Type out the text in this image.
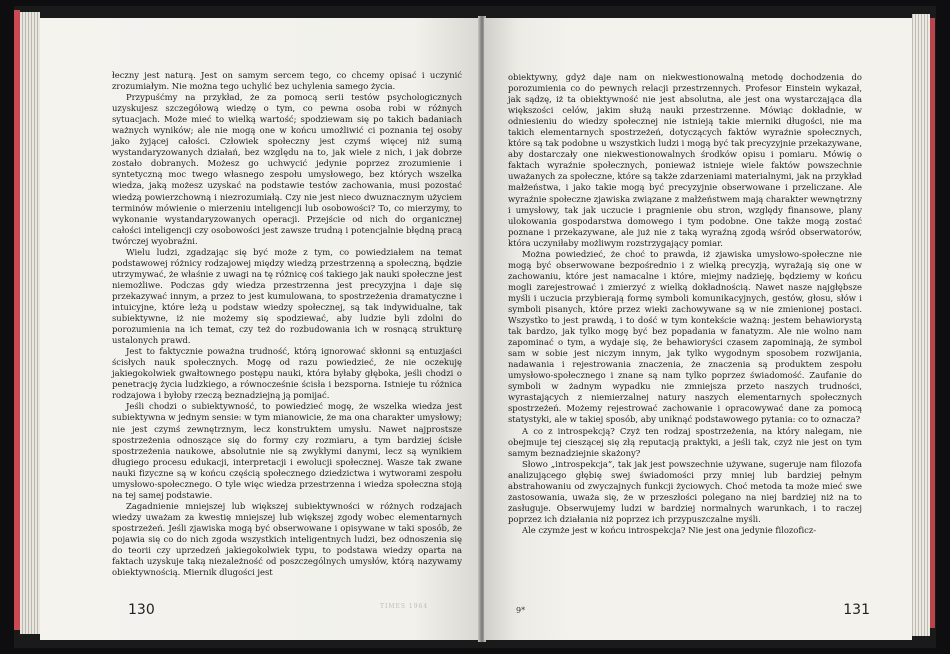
łeczny jest naturą. Jest on samym sercem tego, co chcemy opisać i uczynić zrozumiałym. Nie można tego uchylić bez uchylenia samego życia.

Przypuśćmy na przykład, że za pomocą serii testów psychologicznych uzyskujesz szczegółową wiedzę o tym, co pewna osoba robi w różnych sytuacjach. Może mieć to wielką wartość; spodziewam się po takich badaniach ważnych wyników; ale nie mogą one w końcu umożliwić ci poznania tej osoby jako żyjącej całości. Człowiek społeczny jest czymś więcej niż sumą wystandaryzowanych działań, bez względu na to, jak wiele z nich, i jak dobrze zostało dobranych. Możesz go uchwycić jedynie poprzez zrozumienie i syntetyczną moc twego własnego zespołu umysłowego, bez których wszelka wiedza, jaką możesz uzyskać na podstawie testów zachowania, musi pozostać wiedzą powierzchowną i niezrozumiałą. Czy nie jest nieco dwuznacznym użyciem terminów mówienie o mierzeniu inteligencji lub osobowości? To, co mierzymy, to wykonanie wystandaryzowanych operacji. Przejście od nich do organicznej całości inteligencji czy osobowości jest zawsze trudną i potencjalnie błędną pracą twórczej wyobraźni.

Wielu ludzi, zgadzając się być może z tym, co powiedziałem na temat podstawowej różnicy rodzajowej między wiedzą przestrzenną a społeczną, będzie utrzymywać, że właśnie z uwagi na tę różnicę coś takiego jak nauki społeczne jest niemożliwe. Podczas gdy wiedza przestrzenna jest precyzyjna i daje się przekazywać innym, a przez to jest kumulowana, to spostrzeżenia dramatyczne i intuicyjne, które leżą u podstaw wiedzy społecznej, są tak indywidualne, tak subiektywne, iż nie możemy się spodziewać, aby ludzie byli zdolni do porozumienia na ich temat, czy też do rozbudowania ich w rosnącą strukturę ustalonych prawd.

Jest to faktycznie poważna trudność, którą ignorować skłonni są entuzjaści ścisłych nauk społecznych. Mogę od razu powiedzieć, że nie oczekuję jakiegokolwiek gwałtownego postępu nauki, która byłaby głęboka, jeśli chodzi o penetrację życia ludzkiego, a równocześnie ścisła i bezsporna. Istnieje tu różnica rodzajowa i byłoby rzeczą beznadziejną ją pomijać.

Jeśli chodzi o subiektywność, to powiedzieć mogę, że wszelka wiedza jest subiektywna w jednym sensie: w tym mianowicie, że ma ona charakter umysłowy; nie jest czymś zewnętrznym, lecz konstruktem umysłu. Nawet najprostsze spostrzeżenia odnoszące się do formy czy rozmiaru, a tym bardziej ścisłe spostrzeżenia naukowe, absolutnie nie są zwykłymi danymi, lecz są wynikiem długiego procesu edukacji, interpretacji i ewolucji społecznej. Wasze tak zwane nauki fizyczne są w końcu częścią społecznego dziedzictwa i wytworami zespołu umysłowo-społecznego. O tyle więc wiedza przestrzenna i wiedza społeczna stoją na tej samej podstawie.

Zagadnienie mniejszej lub większej subiektywności w różnych rodzajach wiedzy uważam za kwestię mniejszej lub większej zgody wobec elementarnych spostrzeżeń. Jeśli zjawiska mogą być obserwowane i opisywane w taki sposób, że pojawia się co do nich zgoda wszystkich inteligentnych ludzi, bez odnoszenia się do teorii czy uprzedzeń jakiegokolwiek typu, to podstawa wiedzy oparta na faktach uzyskuje taką niezależność od poszczególnych umysłów, którą nazywamy obiektywnością. Miernik dlugości jest

TIMES 1964
130

obiektywny, gdyż daje nam on niekwestionowalną metodę dochodzenia do porozumienia co do pewnych relacji przestrzennych. Profesor Einstein wykazał, jak sądzę, iż ta obiektywność nie jest absolutna, ale jest ona wystarczająca dla większości celów, jakim służą nauki przestrzenne. Mówiąc dokładnie, w odniesieniu do wiedzy społecznej nie istnieją takie mierniki długości, nie ma takich elementarnych spostrzeżeń, dotyczących faktów wyraźnie społecznych, które są tak podobne u wszystkich ludzi i mogą być tak precyzyjnie przekazywane, aby dostarczały one niekwestionowalnych środków opisu i pomiaru. Mówię o faktach wyraźnie społecznych, ponieważ istnieje wiele faktów powszechnie uważanych za społeczne, które są także zdarzeniami materialnymi, jak na przykład małżeństwa, i jako takie mogą być precyzyjnie obserwowane i przeliczane. Ale wyraźnie społeczne zjawiska związane z małżeństwem mają charakter wewnętrzny i umysłowy, tak jak uczucie i pragnienie obu stron, względy finansowe, plany ulokowania gospodarstwa domowego i tym podobne. One także mogą zostać poznane i przekazywane, ale już nie z taką wyraźną zgodą wśród obserwatorów, która uczyniłaby możliwym rozstrzygający pomiar.

Można powiedzieć, że choć to prawda, iż zjawiska umysłowo-społeczne nie mogą być obserwowane bezpośrednio i z wielką precyzją, wyrażają się one w zachowaniu, które jest namacalne i które, miejmy nadzieję, będziemy w końcu mogli zarejestrować i zmierzyć z wielką dokładnością. Nawet nasze najgłębsze myśli i uczucia przybierają formę symboli komunikacyjnych, gestów, głosu, słów i symboli pisanych, które przez wieki zachowywane są w nie zmienionej postaci. Wszystko to jest prawdą, i to dość w tym kontekście ważną: jestem behawiorystą tak bardzo, jak tylko mogę być bez popadania w fanatyzm. Ale nie wolno nam zapominać o tym, a wydaje się, że behawioryści czasem zapominają, że symbol sam w sobie jest niczym innym, jak tylko wygodnym sposobem rozwijania, nadawania i rejestrowania znaczenia, że znaczenia są produktem zespołu umysłowo-społecznego i znane są nam tylko poprzez świadomość. Zaufanie do symboli w żadnym wypadku nie zmniejsza przeto naszych trudności, wyrastających z niemierzalnej natury naszych elementarnych społecznych spostrzeżeń. Możemy rejestrować zachowanie i opracowywać dane za pomocą statystyki, ale w takiej sposób, aby uniknąć podstawowego pytania: co to oznacza?

A co z introspekcją? Czyż ten rodzaj spostrzeżenia, na który nalegam, nie obejmuje tej cieszącej się złą reputacją praktyki, a jeśli tak, czyż nie jest on tym samym beznadziejnie skażony?

Słowo „introspekcja”, tak jak jest powszechnie używane, sugeruje nam filozofa analizującego głębię swej świadomości przy mniej lub bardziej pełnym abstrahowaniu od zwyczajnych funkcji życiowych. Choć metoda ta może mieć swe zastosowania, uważa się, że w przeszłości polegano na niej bardziej niż na to zasługuje. Obserwujemy ludzi w bardziej normalnych warunkach, i to raczej poprzez ich działania niż poprzez ich przypuszczalne myśli.

Ale czymże jest w końcu introspekcja? Nie jest ona jedynie filozoficz-

9*	131
